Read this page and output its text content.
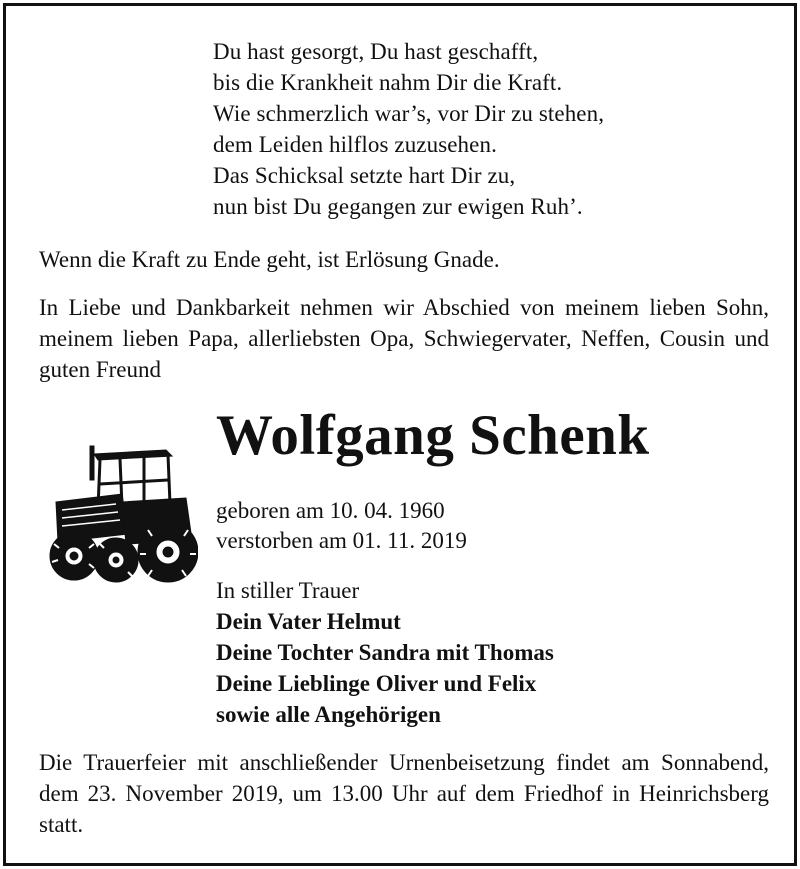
Du hast gesorgt, Du hast geschafft,
bis die Krankheit nahm Dir die Kraft.
Wie schmerzlich war’s, vor Dir zu stehen,
dem Leiden hilflos zuzusehen.
Das Schicksal setzte hart Dir zu,
nun bist Du gegangen zur ewigen Ruh’.
Wenn die Kraft zu Ende geht, ist Erlösung Gnade.
In Liebe und Dankbarkeit nehmen wir Abschied von meinem lieben Sohn, meinem lieben Papa, allerliebsten Opa, Schwiegervater, Neffen, Cousin und guten Freund
Wolfgang Schenk
geboren am 10. 04. 1960
verstorben am 01. 11. 2019
In stiller Trauer
Dein Vater Helmut
Deine Tochter Sandra mit Thomas
Deine Lieblinge Oliver und Felix
sowie alle Angehörigen
Die Trauerfeier mit anschließender Urnenbeisetzung findet am Sonnabend, dem 23. November 2019, um 13.00 Uhr auf dem Friedhof in Heinrichsberg statt.
